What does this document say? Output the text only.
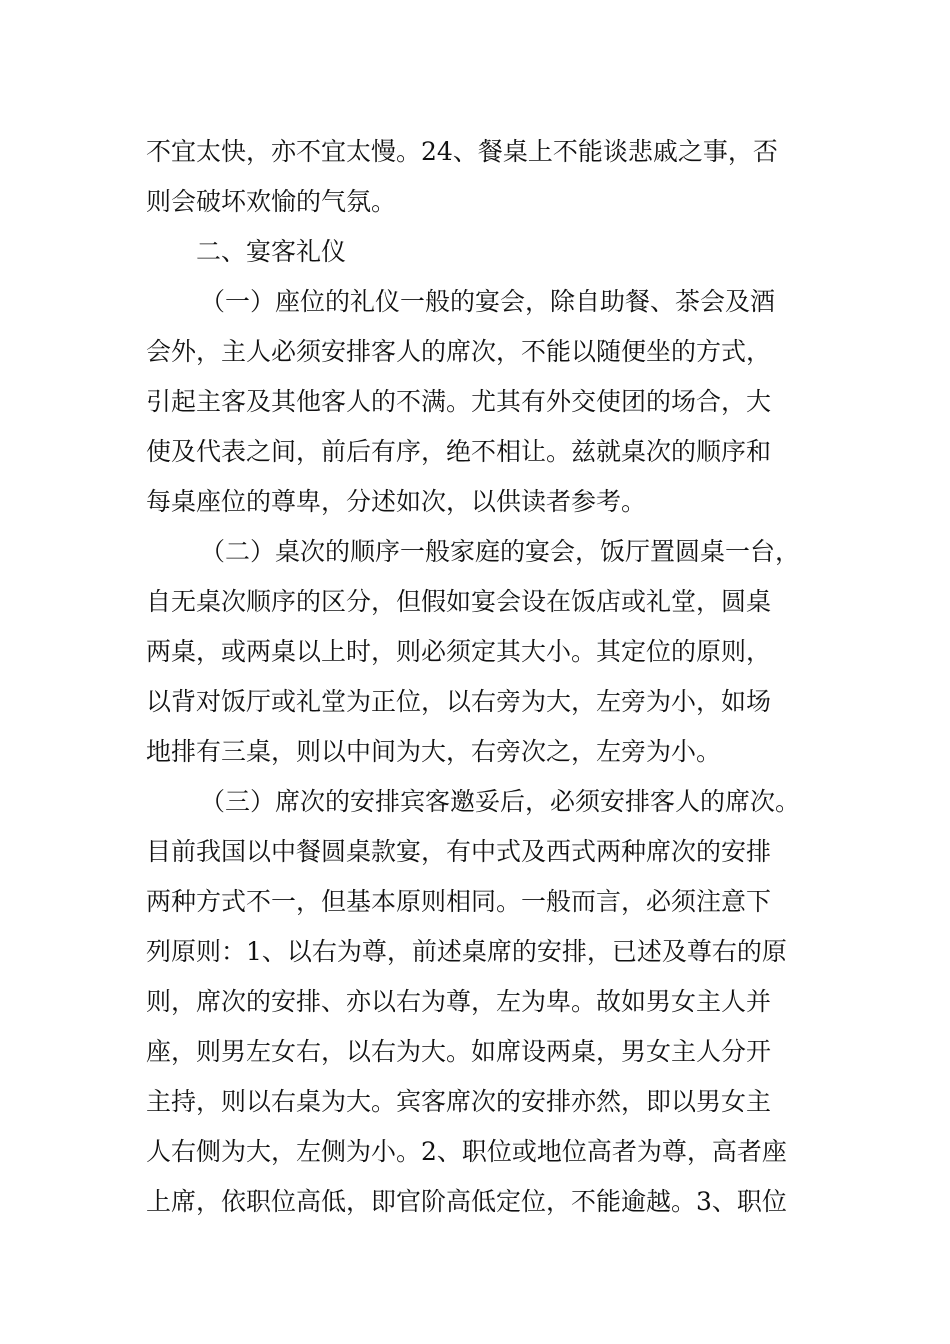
不宜太快，亦不宜太慢。24、餐桌上不能谈悲戚之事，否
则会破坏欢愉的气氛。
二、宴客礼仪
（一）座位的礼仪一般的宴会，除自助餐、茶会及酒
会外，主人必须安排客人的席次，不能以随便坐的方式，
引起主客及其他客人的不满。尤其有外交使团的场合，大
使及代表之间，前后有序，绝不相让。兹就桌次的顺序和
每桌座位的尊卑，分述如次，以供读者参考。
（二）桌次的顺序一般家庭的宴会，饭厅置圆桌一台，
自无桌次顺序的区分，但假如宴会设在饭店或礼堂，圆桌
两桌，或两桌以上时，则必须定其大小。其定位的原则，
以背对饭厅或礼堂为正位，以右旁为大，左旁为小，如场
地排有三桌，则以中间为大，右旁次之，左旁为小。
（三）席次的安排宾客邀妥后，必须安排客人的席次。
目前我国以中餐圆桌款宴，有中式及西式两种席次的安排
两种方式不一，但基本原则相同。一般而言，必须注意下
列原则：1、以右为尊，前述桌席的安排，已述及尊右的原
则，席次的安排、亦以右为尊，左为卑。故如男女主人并
座，则男左女右，以右为大。如席设两桌，男女主人分开
主持，则以右桌为大。宾客席次的安排亦然，即以男女主
人右侧为大，左侧为小。2、职位或地位高者为尊，高者座
上席，依职位高低，即官阶高低定位，不能逾越。3、职位
